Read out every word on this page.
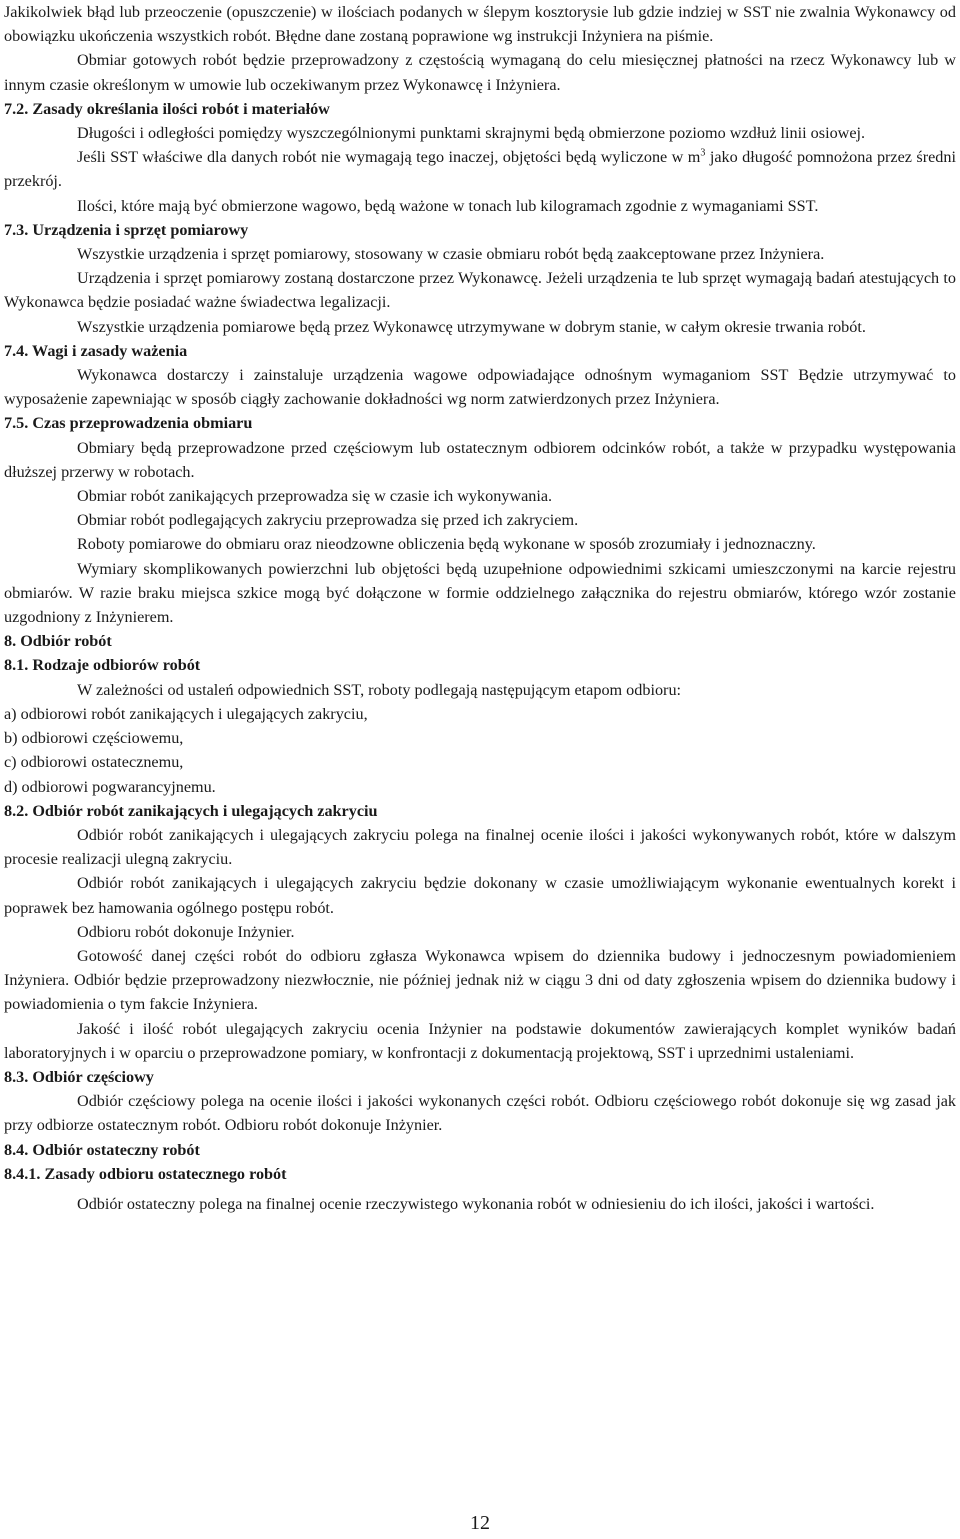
Jakikolwiek błąd lub przeoczenie (opuszczenie) w ilościach podanych w ślepym kosztorysie lub gdzie indziej w SST nie zwalnia Wykonawcy od obowiązku ukończenia wszystkich robót. Błędne dane zostaną poprawione wg instrukcji Inżyniera na piśmie.
Obmiar gotowych robót będzie przeprowadzony z częstością wymaganą do celu miesięcznej płatności na rzecz Wykonawcy lub w innym czasie określonym w umowie lub oczekiwanym przez Wykonawcę i Inżyniera.
7.2. Zasady określania ilości robót i materiałów
Długości i odległości pomiędzy wyszczególnionymi punktami skrajnymi będą obmierzone poziomo wzdłuż linii osiowej.
Jeśli SST właściwe dla danych robót nie wymagają tego inaczej, objętości będą wyliczone w $m^3$ jako długość pomnożona przez średni przekrój.
Ilości, które mają być obmierzone wagowo, będą ważone w tonach lub kilogramach zgodnie z wymaganiami SST.
7.3. Urządzenia i sprzęt pomiarowy
Wszystkie urządzenia i sprzęt pomiarowy, stosowany w czasie obmiaru robót będą zaakceptowane przez Inżyniera.
Urządzenia i sprzęt pomiarowy zostaną dostarczone przez Wykonawcę. Jeżeli urządzenia te lub sprzęt wymagają badań atestujących to Wykonawca będzie posiadać ważne świadectwa legalizacji.
Wszystkie urządzenia pomiarowe będą przez Wykonawcę utrzymywane w dobrym stanie, w całym okresie trwania robót.
7.4. Wagi i zasady ważenia
Wykonawca dostarczy i zainstaluje urządzenia wagowe odpowiadające odnośnym wymaganiom SST Będzie utrzymywać to wyposażenie zapewniając w sposób ciągły zachowanie dokładności wg norm zatwierdzonych przez Inżyniera.
7.5. Czas przeprowadzenia obmiaru
Obmiary będą przeprowadzone przed częściowym lub ostatecznym odbiorem odcinków robót, a także w przypadku występowania dłuższej przerwy w robotach.
Obmiar robót zanikających przeprowadza się w czasie ich wykonywania.
Obmiar robót podlegających zakryciu przeprowadza się przed ich zakryciem.
Roboty pomiarowe do obmiaru oraz nieodzowne obliczenia będą wykonane w sposób zrozumiały i jednoznaczny.
Wymiary skomplikowanych powierzchni lub objętości będą uzupełnione odpowiednimi szkicami umieszczonymi na karcie rejestru obmiarów. W razie braku miejsca szkice mogą być dołączone w formie oddzielnego załącznika do rejestru obmiarów, którego wzór zostanie uzgodniony z Inżynierem.
8. Odbiór robót
8.1. Rodzaje odbiorów robót
W zależności od ustaleń odpowiednich SST, roboty podlegają następującym etapom odbioru:
a) odbiorowi robót zanikających i ulegających zakryciu,
b) odbiorowi częściowemu,
c) odbiorowi ostatecznemu,
d) odbiorowi pogwarancyjnemu.
8.2. Odbiór robót zanikających i ulegających zakryciu
Odbiór robót zanikających i ulegających zakryciu polega na finalnej ocenie ilości i jakości wykonywanych robót, które w dalszym procesie realizacji ulegną zakryciu.
Odbiór robót zanikających i ulegających zakryciu będzie dokonany w czasie umożliwiającym wykonanie ewentualnych korekt i poprawek bez hamowania ogólnego postępu robót.
Odbioru robót dokonuje Inżynier.
Gotowość danej części robót do odbioru zgłasza Wykonawca wpisem do dziennika budowy i jednoczesnym powiadomieniem Inżyniera. Odbiór będzie przeprowadzony niezwłocznie, nie później jednak niż w ciągu 3 dni od daty zgłoszenia wpisem do dziennika budowy i powiadomienia o tym fakcie Inżyniera.
Jakość i ilość robót ulegających zakryciu ocenia Inżynier na podstawie dokumentów zawierających komplet wyników badań laboratoryjnych i w oparciu o przeprowadzone pomiary, w konfrontacji z dokumentacją projektową, SST i uprzednimi ustaleniami.
8.3. Odbiór częściowy
Odbiór częściowy polega na ocenie ilości i jakości wykonanych części robót. Odbioru częściowego robót dokonuje się wg zasad jak przy odbiorze ostatecznym robót. Odbioru robót dokonuje Inżynier.
8.4. Odbiór ostateczny robót
8.4.1. Zasady odbioru ostatecznego robót
Odbiór ostateczny polega na finalnej ocenie rzeczywistego wykonania robót w odniesieniu do ich ilości, jakości i wartości.
12
